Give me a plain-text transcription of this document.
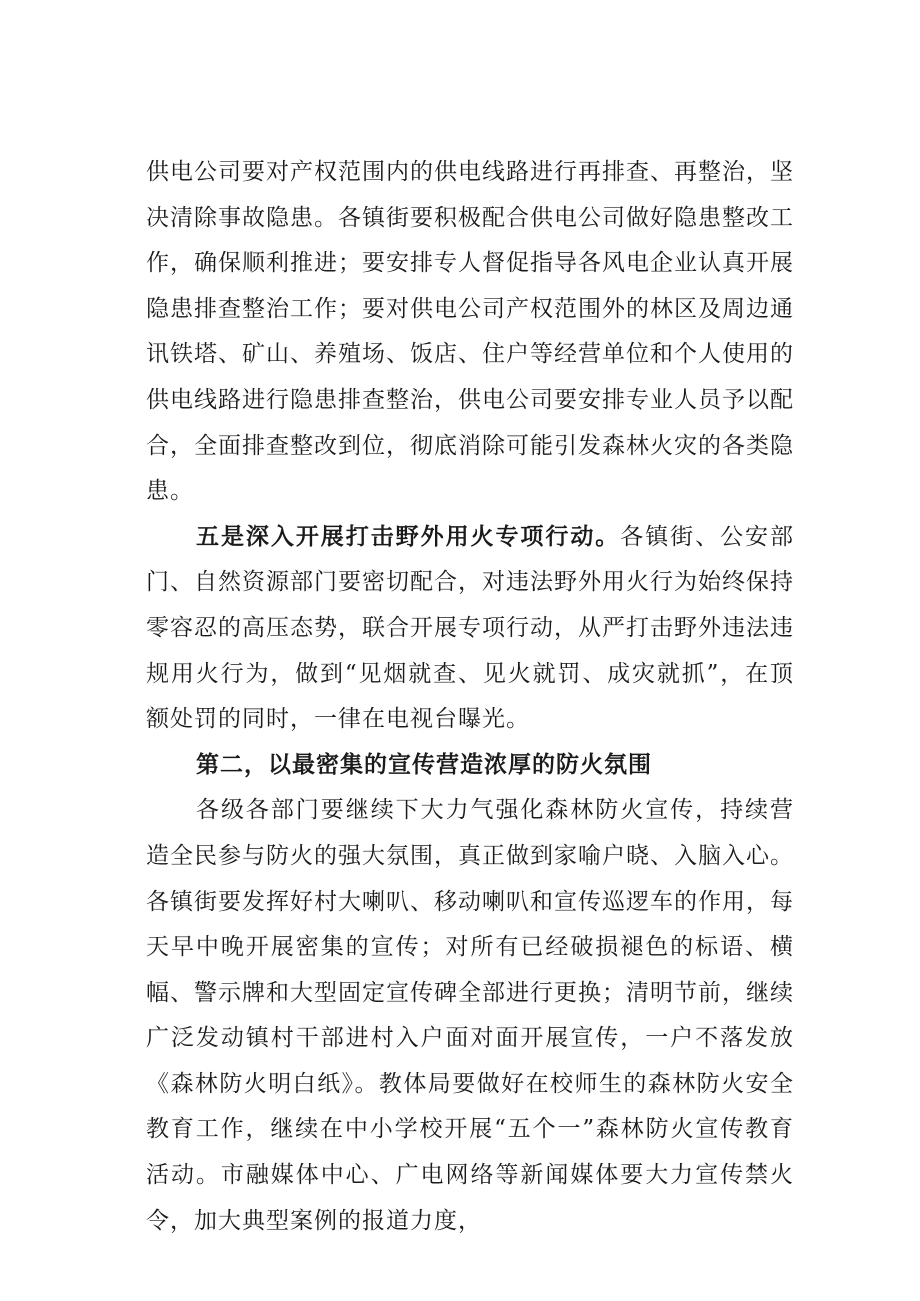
供电公司要对产权范围内的供电线路进行再排查、再整治，坚决清除事故隐患。各镇街要积极配合供电公司做好隐患整改工作，确保顺利推进；要安排专人督促指导各风电企业认真开展隐患排查整治工作；要对供电公司产权范围外的林区及周边通讯铁塔、矿山、养殖场、饭店、住户等经营单位和个人使用的供电线路进行隐患排查整治，供电公司要安排专业人员予以配合，全面排查整改到位，彻底消除可能引发森林火灾的各类隐患。

五是深入开展打击野外用火专项行动。各镇街、公安部门、自然资源部门要密切配合，对违法野外用火行为始终保持零容忍的高压态势，联合开展专项行动，从严打击野外违法违规用火行为，做到“见烟就查、见火就罚、成灾就抓”，在顶额处罚的同时，一律在电视台曝光。

第二，以最密集的宣传营造浓厚的防火氛围

各级各部门要继续下大力气强化森林防火宣传，持续营造全民参与防火的强大氛围，真正做到家喻户晓、入脑入心。各镇街要发挥好村大喇叭、移动喇叭和宣传巡逻车的作用，每天早中晚开展密集的宣传；对所有已经破损褪色的标语、横幅、警示牌和大型固定宣传碑全部进行更换；清明节前，继续广泛发动镇村干部进村入户面对面开展宣传，一户不落发放《森林防火明白纸》。教体局要做好在校师生的森林防火安全教育工作，继续在中小学校开展“五个一”森林防火宣传教育活动。市融媒体中心、广电网络等新闻媒体要大力宣传禁火令，加大典型案例的报道力度，
